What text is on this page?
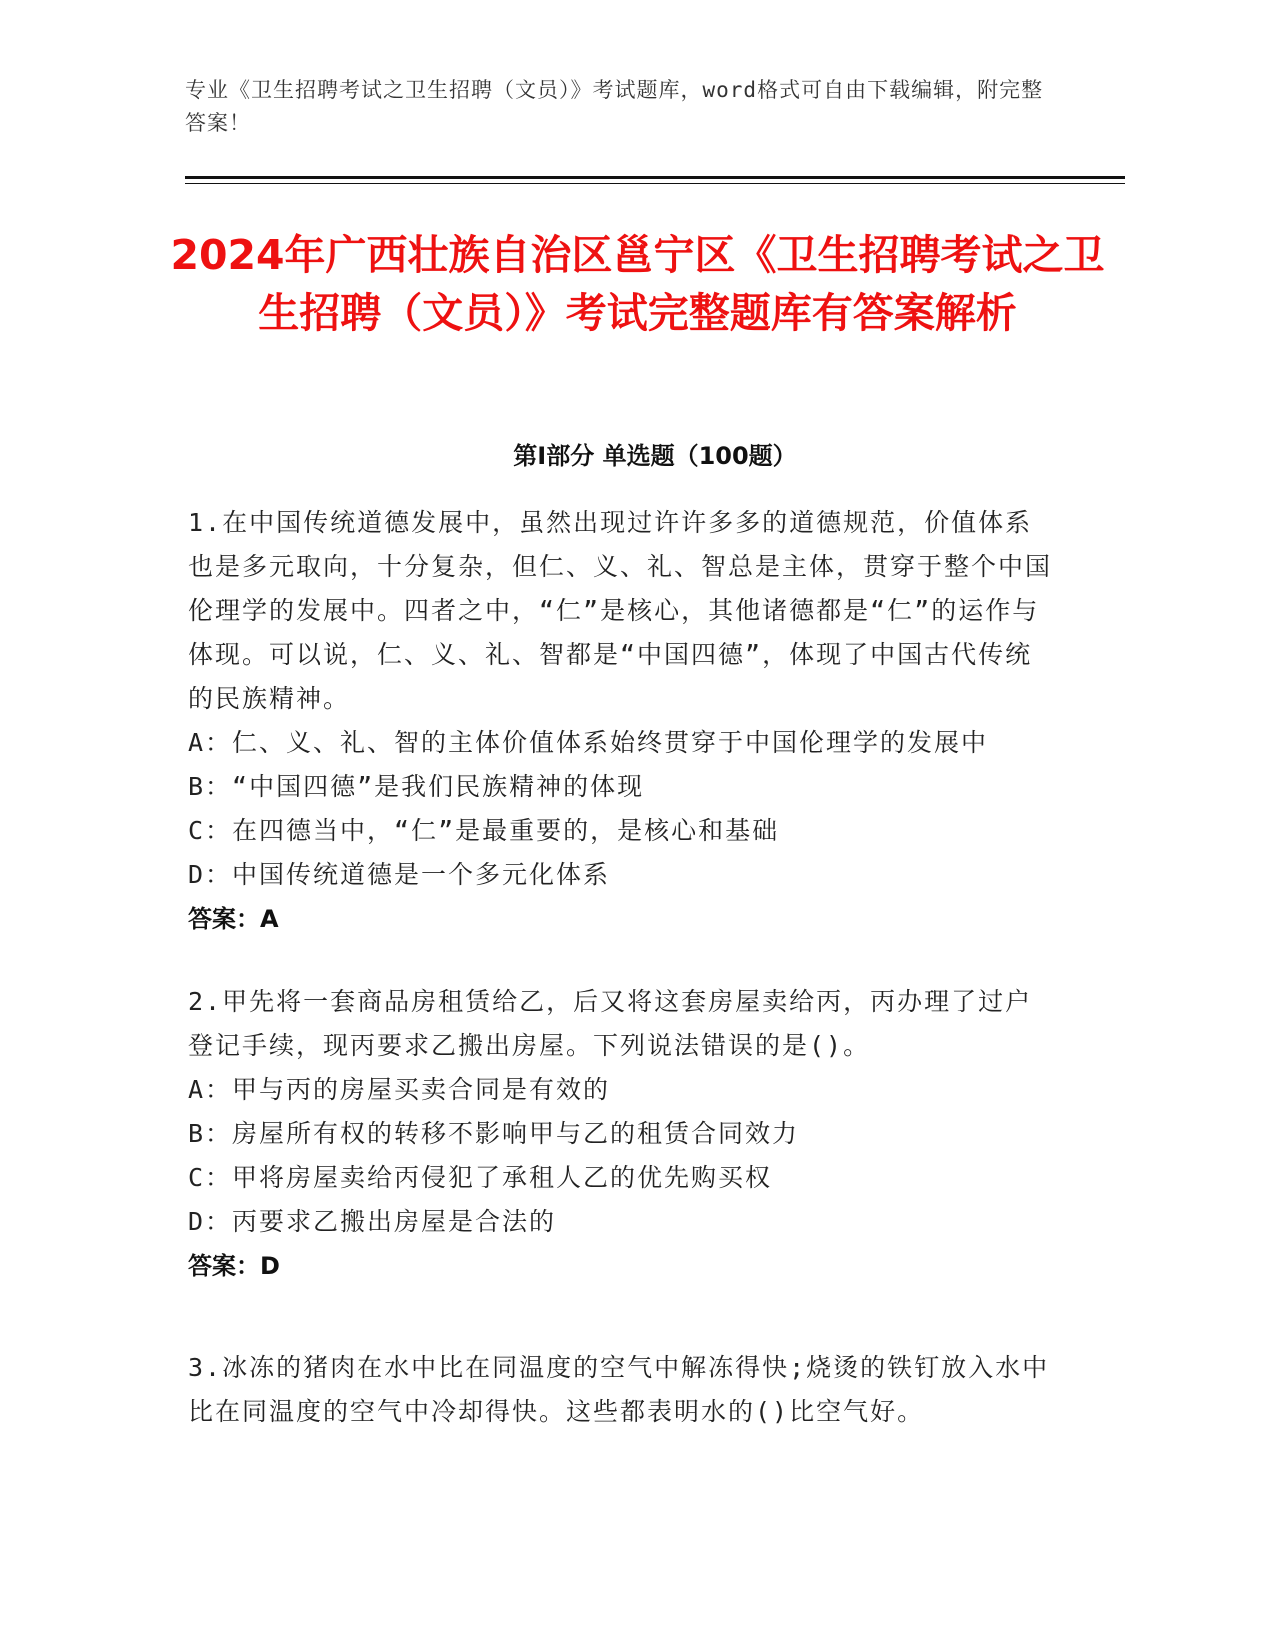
专业《卫生招聘考试之卫生招聘（文员）》考试题库，word格式可自由下载编辑，附完整答案！
2024年广西壮族自治区邕宁区《卫生招聘考试之卫生招聘（文员）》考试完整题库有答案解析
第I部分 单选题（100题）

1.在中国传统道德发展中，虽然出现过许许多多的道德规范，价值体系也是多元取向，十分复杂，但仁、义、礼、智总是主体，贯穿于整个中国伦理学的发展中。四者之中，“仁”是核心，其他诸德都是“仁”的运作与体现。可以说，仁、义、礼、智都是“中国四德”，体现了中国古代传统的民族精神。

A：仁、义、礼、智的主体价值体系始终贯穿于中国伦理学的发展中

B：“中国四德”是我们民族精神的体现

C：在四德当中，“仁”是最重要的，是核心和基础

D：中国传统道德是一个多元化体系

答案：A

2.甲先将一套商品房租赁给乙，后又将这套房屋卖给丙，丙办理了过户登记手续，现丙要求乙搬出房屋。下列说法错误的是()。

A：甲与丙的房屋买卖合同是有效的

B：房屋所有权的转移不影响甲与乙的租赁合同效力

C：甲将房屋卖给丙侵犯了承租人乙的优先购买权

D：丙要求乙搬出房屋是合法的

答案：D

3.冰冻的猪肉在水中比在同温度的空气中解冻得快;烧烫的铁钉放入水中比在同温度的空气中冷却得快。这些都表明水的()比空气好。
